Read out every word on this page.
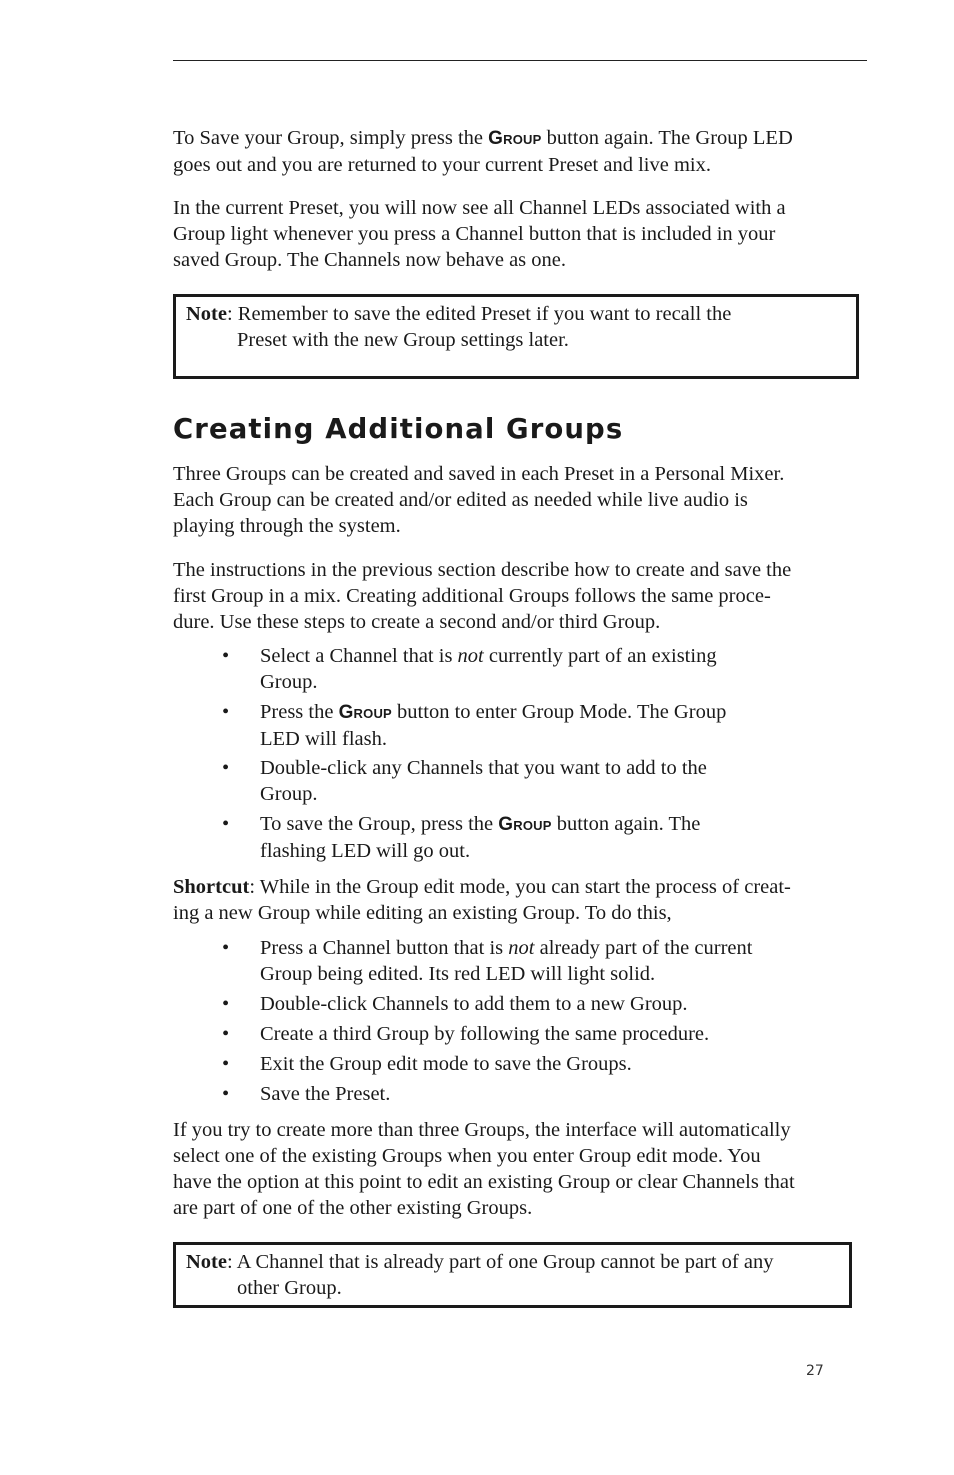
To Save your Group, simply press the Group button again. The Group LED
goes out and you are returned to your current Preset and live mix.

In the current Preset, you will now see all Channel LEDs associated with a
Group light whenever you press a Channel button that is included in your
saved Group. The Channels now behave as one.

Note: Remember to save the edited Preset if you want to recall the
Preset with the new Group settings later.
Creating Additional Groups

Three Groups can be created and saved in each Preset in a Personal Mixer.
Each Group can be created and/or edited as needed while live audio is
playing through the system.

The instructions in the previous section describe how to create and save the
first Group in a mix. Creating additional Groups follows the same proce-
dure. Use these steps to create a second and/or third Group.

• Select a Channel that is not currently part of an existing
Group.
• Press the Group button to enter Group Mode. The Group
LED will flash.
• Double-click any Channels that you want to add to the
Group.
• To save the Group, press the Group button again. The
flashing LED will go out.

Shortcut: While in the Group edit mode, you can start the process of creat-
ing a new Group while editing an existing Group. To do this,

• Press a Channel button that is not already part of the current
Group being edited. Its red LED will light solid.
• Double-click Channels to add them to a new Group.
• Create a third Group by following the same procedure.
• Exit the Group edit mode to save the Groups.
• Save the Preset.

If you try to create more than three Groups, the interface will automatically
select one of the existing Groups when you enter Group edit mode. You
have the option at this point to edit an existing Group or clear Channels that
are part of one of the other existing Groups.

Note: A Channel that is already part of one Group cannot be part of any
other Group.
27
